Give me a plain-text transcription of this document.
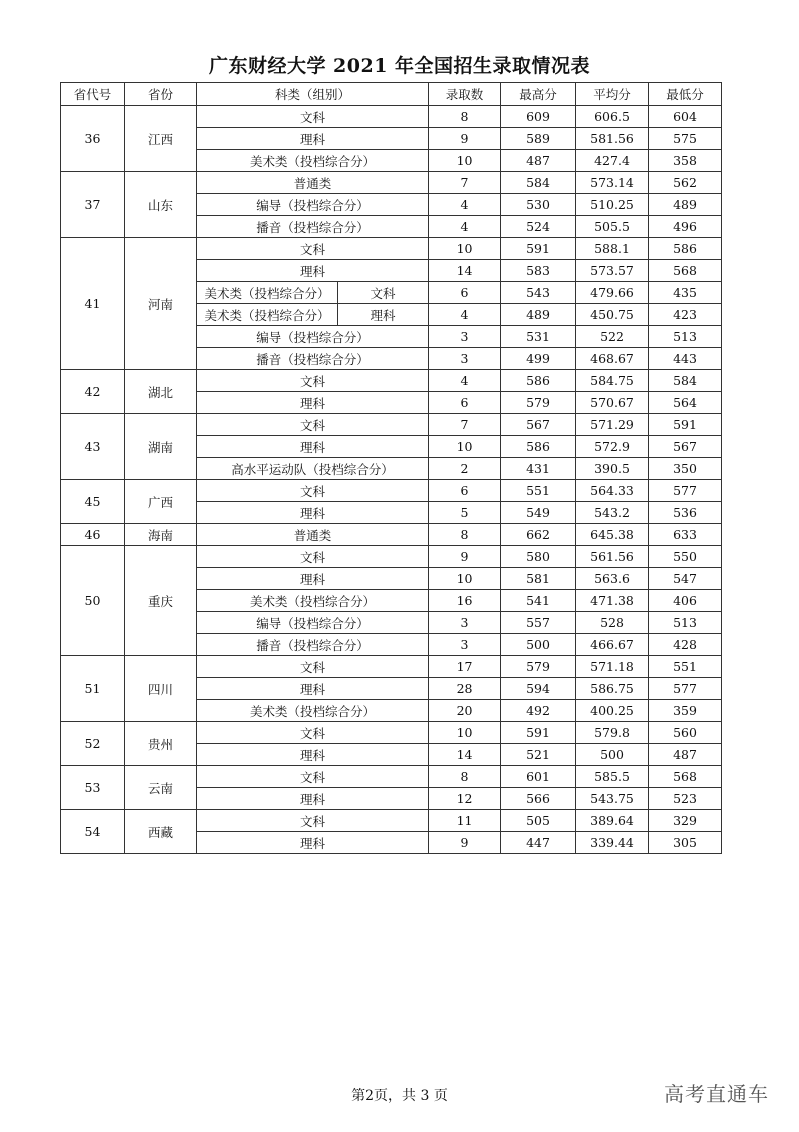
广东财经大学 2021 年全国招生录取情况表
省代号	省份	科类（组别）		录取数	最高分	平均分	最低分
36	江西	文科		8	609	606.5	604
		理科		9	589	581.56	575
		美术类（投档综合分）		10	487	427.4	358
37	山东	普通类		7	584	573.14	562
		编导（投档综合分）		4	530	510.25	489
		播音（投档综合分）		4	524	505.5	496
41	河南	文科		10	591	588.1	586
		理科		14	583	573.57	568
		美术类（投档综合分）	文科	6	543	479.66	435
		美术类（投档综合分）	理科	4	489	450.75	423
		编导（投档综合分）		3	531	522	513
		播音（投档综合分）		3	499	468.67	443
42	湖北	文科		4	586	584.75	584
		理科		6	579	570.67	564
43	湖南	文科		7	567	571.29	591
		理科		10	586	572.9	567
		高水平运动队（投档综合分）		2	431	390.5	350
45	广西	文科		6	551	564.33	577
		理科		5	549	543.2	536
46	海南	普通类		8	662	645.38	633
50	重庆	文科		9	580	561.56	550
		理科		10	581	563.6	547
		美术类（投档综合分）		16	541	471.38	406
		编导（投档综合分）		3	557	528	513
		播音（投档综合分）		3	500	466.67	428
51	四川	文科		17	579	571.18	551
		理科		28	594	586.75	577
		美术类（投档综合分）		20	492	400.25	359
52	贵州	文科		10	591	579.8	560
		理科		14	521	500	487
53	云南	文科		8	601	585.5	568
		理科		12	566	543.75	523
54	西藏	文科		11	505	389.64	329
		理科		9	447	339.44	305
第2页，共 3 页	高考直通车
